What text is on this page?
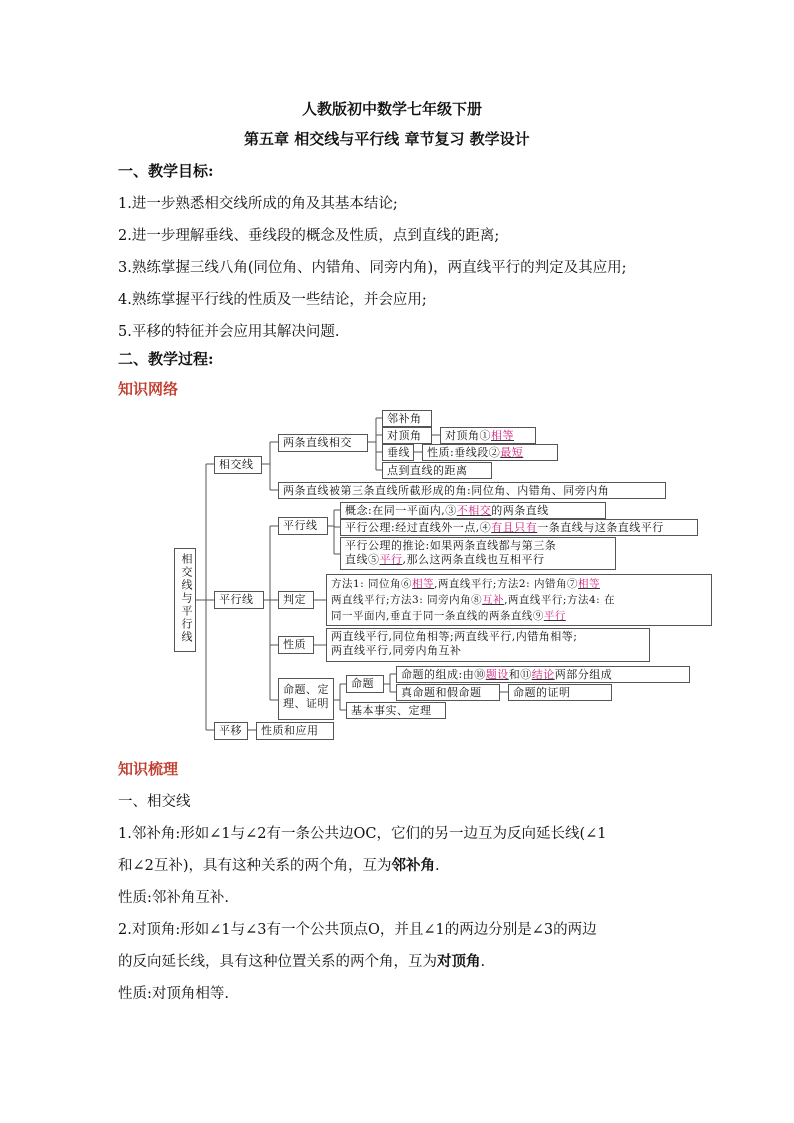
人教版初中数学七年级下册
第五章 相交线与平行线 章节复习 教学设计
一、教学目标:
1.进一步熟悉相交线所成的角及其基本结论;
2.进一步理解垂线、垂线段的概念及性质，点到直线的距离;
3.熟练掌握三线八角(同位角、内错角、同旁内角)，两直线平行的判定及其应用;
4.熟练掌握平行线的性质及一些结论，并会应用;
5.平移的特征并会应用其解决问题.
二、教学过程:
知识网络
相交线与平行线
相交线
平行线
平移	性质和应用
两条直线相交
两条直线被第三条直线所截形成的角:同位角、内错角、同旁内角
邻补角
对顶角	对顶角①相等
垂线	性质:垂线段②最短
点到直线的距离
平行线
概念:在同一平面内,③不相交的两条直线
平行公理:经过直线外一点,④有且只有一条直线与这条直线平行
平行公理的推论:如果两条直线都与第三条
直线⑤平行,那么这两条直线也互相平行
判定
方法1: 同位角⑥相等,两直线平行;方法2: 内错角⑦相等
两直线平行;方法3: 同旁内角⑧互补,两直线平行;方法4: 在
同一平面内,垂直于同一条直线的两条直线⑨平行
性质
两直线平行,同位角相等;两直线平行,内错角相等;
两直线平行,同旁内角互补
命题、定
理、证明
命题
命题的组成:由⑩题设和⑪结论两部分组成
真命题和假命题	命题的证明
基本事实、定理
知识梳理
一、相交线
1.邻补角:形如∠1与∠2有一条公共边OC，它们的另一边互为反向延长线(∠1
和∠2互补)，具有这种关系的两个角，互为邻补角.
性质:邻补角互补.
2.对顶角:形如∠1与∠3有一个公共顶点O，并且∠1的两边分别是∠3的两边
的反向延长线，具有这种位置关系的两个角，互为对顶角.
性质:对顶角相等.
